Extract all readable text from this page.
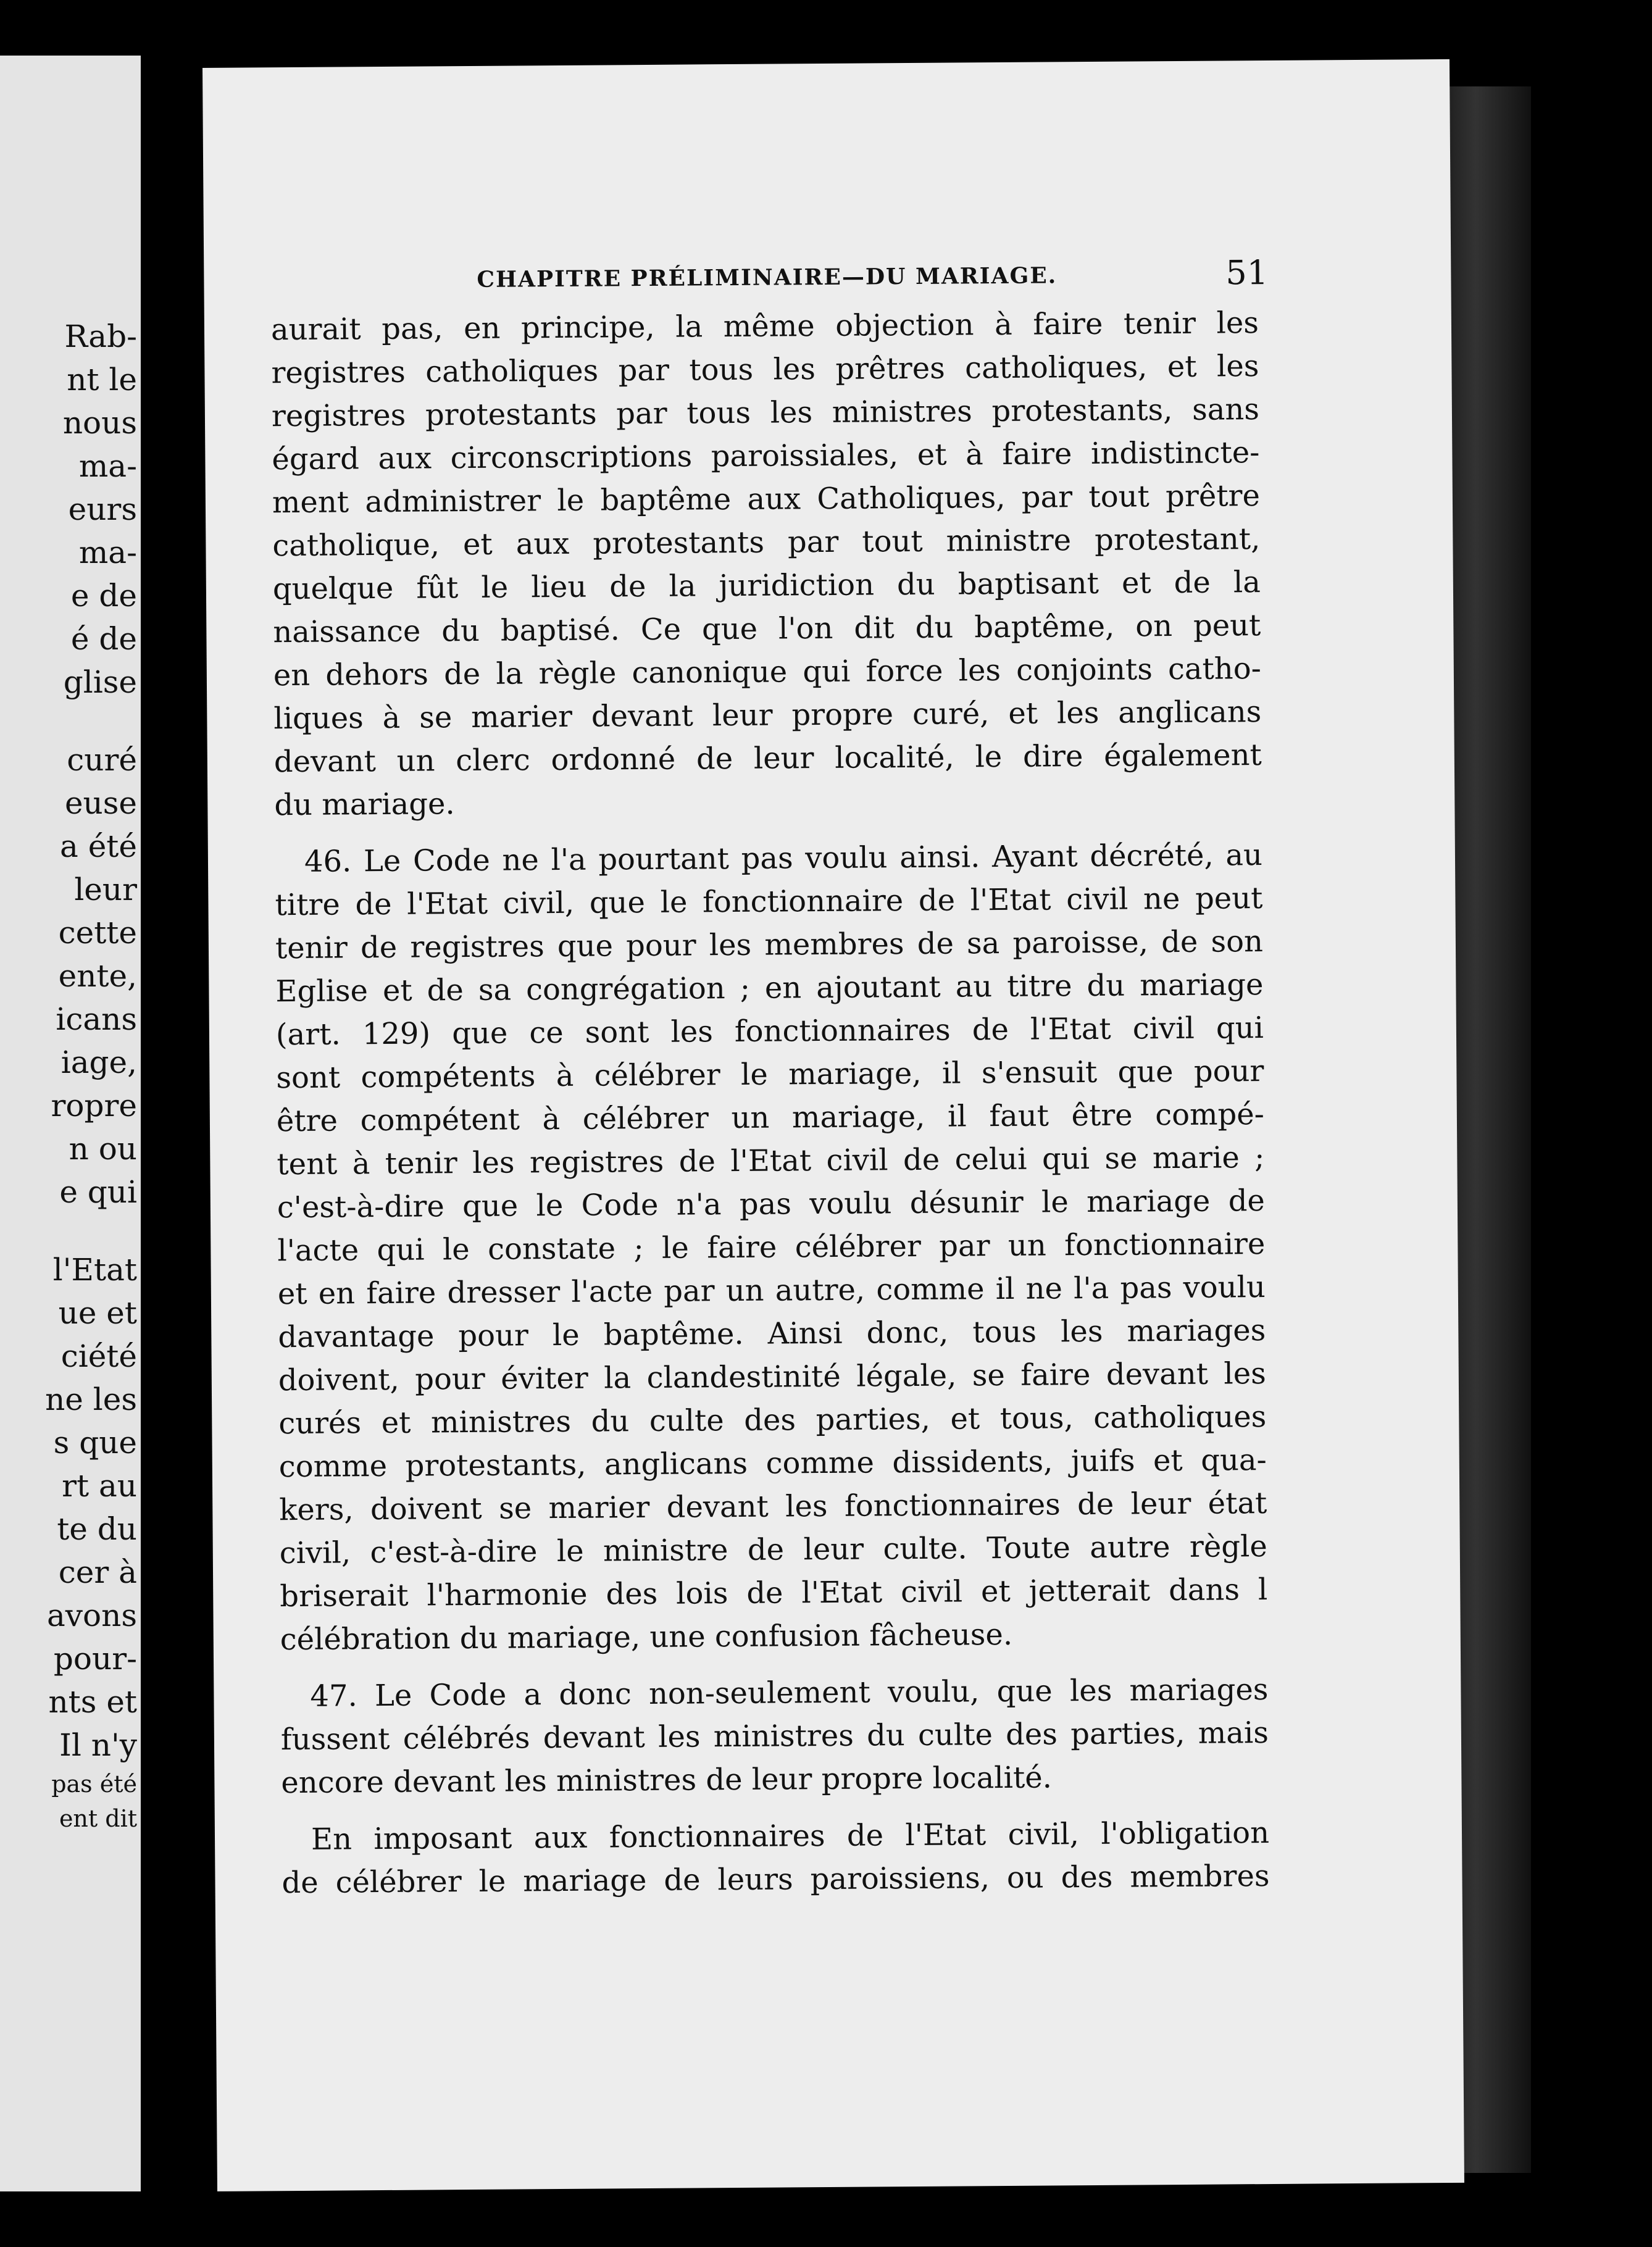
Rab-
nt le
nous
ma-
eurs
ma-
e de
é de
glise
curé
euse
a été
leur
cette
ente,
icans
iage,
ropre
n ou
e qui
l'Etat
ue et
ciété
ne les
s que
rt au
te du
cer à
avons
pour-
nts et
Il n'y
pas été
ent dit
CHAPITRE PRÉLIMINAIRE—DU MARIAGE.	51
aurait pas, en principe, la même objection à faire tenir les
registres catholiques par tous les prêtres catholiques, et les
registres protestants par tous les ministres protestants, sans
égard aux circonscriptions paroissiales, et à faire indistincte-
ment administrer le baptême aux Catholiques, par tout prêtre
catholique, et aux protestants par tout ministre protestant,
quelque fût le lieu de la juridiction du baptisant et de la
naissance du baptisé. Ce que l'on dit du baptême, on peut
en dehors de la règle canonique qui force les conjoints catho-
liques à se marier devant leur propre curé, et les anglicans
devant un clerc ordonné de leur localité, le dire également
du mariage.
46. Le Code ne l'a pourtant pas voulu ainsi. Ayant décrété, au
titre de l'Etat civil, que le fonctionnaire de l'Etat civil ne peut
tenir de registres que pour les membres de sa paroisse, de son
Eglise et de sa congrégation ; en ajoutant au titre du mariage
(art. 129) que ce sont les fonctionnaires de l'Etat civil qui
sont compétents à célébrer le mariage, il s'ensuit que pour
être compétent à célébrer un mariage, il faut être compé-
tent à tenir les registres de l'Etat civil de celui qui se marie ;
c'est-à-dire que le Code n'a pas voulu désunir le mariage de
l'acte qui le constate ; le faire célébrer par un fonctionnaire
et en faire dresser l'acte par un autre, comme il ne l'a pas voulu
davantage pour le baptême. Ainsi donc, tous les mariages
doivent, pour éviter la clandestinité légale, se faire devant les
curés et ministres du culte des parties, et tous, catholiques
comme protestants, anglicans comme dissidents, juifs et qua-
kers, doivent se marier devant les fonctionnaires de leur état
civil, c'est-à-dire le ministre de leur culte. Toute autre règle
briserait l'harmonie des lois de l'Etat civil et jetterait dans l
célébration du mariage, une confusion fâcheuse.
47. Le Code a donc non-seulement voulu, que les mariages
fussent célébrés devant les ministres du culte des parties, mais
encore devant les ministres de leur propre localité.
En imposant aux fonctionnaires de l'Etat civil, l'obligation
de célébrer le mariage de leurs paroissiens, ou des membres
